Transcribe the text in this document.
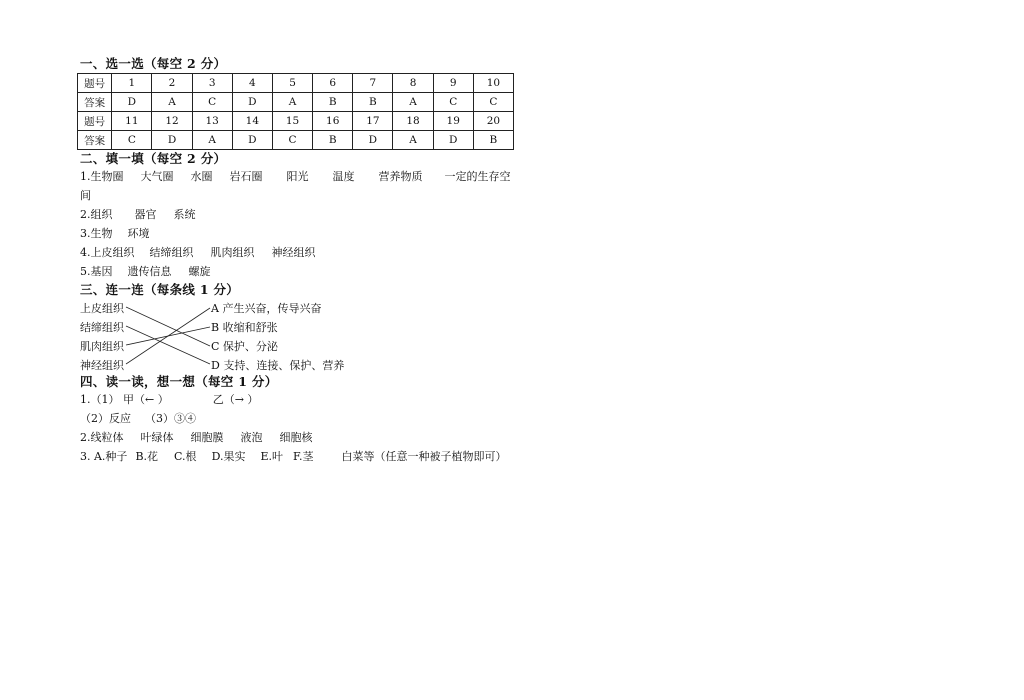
一、选一选（每空 2 分）
题号	1	2	3	4	5	6	7	8	9	10
答案	D	A	C	D	A	B	B	A	C	C
题号	11	12	13	14	15	16	17	18	19	20
答案	C	D	A	D	C	B	D	A	D	B
二、填一填（每空 2 分）
1.生物圈 大气圈 水圈 岩石圈 阳光 温度 营养物质 一定的生存空
间
2.组织 器官 系统
3.生物 环境
4.上皮组织 结缔组织 肌肉组织 神经组织
5.基因 遗传信息 螺旋
三、连一连（每条线 1 分）
上皮组织
结缔组织
肌肉组织
神经组织
A 产生兴奋，传导兴奋
B 收缩和舒张
C 保护、分泌
D 支持、连接、保护、营养
四、读一读，想一想（每空 1 分）
1.（1） 甲（← ）	乙（→ ）
（2）反应 （3）③④
2.线粒体 叶绿体 细胞膜 液泡 细胞核
3. A.种子 B.花 C.根 D.果实 E.叶 F.茎	白菜等（任意一种被子植物即可）
